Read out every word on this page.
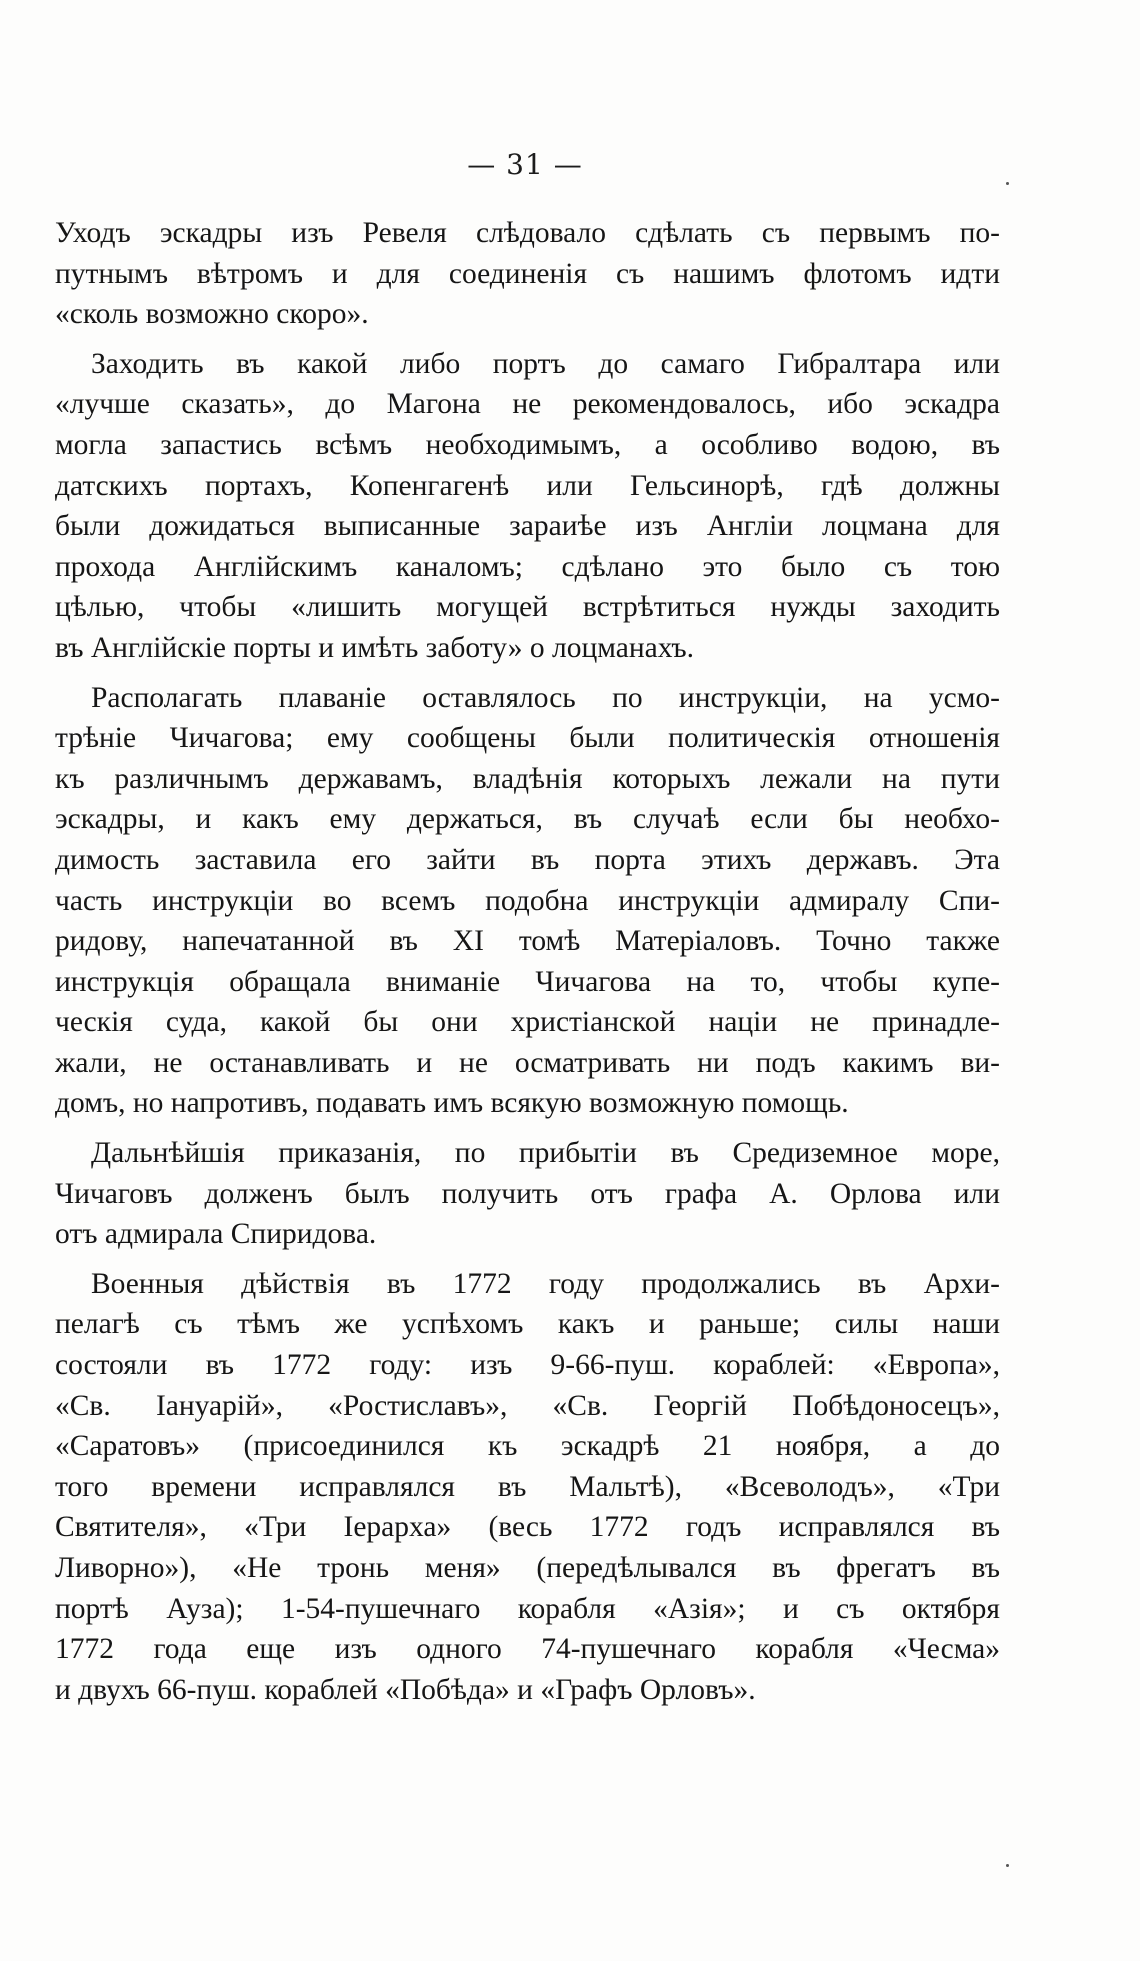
— 31 —

Уходъ эскадры изъ Ревеля слѣдовало сдѣлать съ первымъ по-
путнымъ вѣтромъ и для соединенія съ нашимъ флотомъ идти
«сколь возможно скоро».

Заходить въ какой либо портъ до самаго Гибралтара или
«лучше сказать», до Магона не рекомендовалось, ибо эскадра
могла запастись всѣмъ необходимымъ, а особливо водою, въ
датскихъ портахъ, Копенгагенѣ или Гельсинорѣ, гдѣ должны
были дожидаться выписанные зараиѣе изъ Англіи лоцмана для
прохода Англійскимъ каналомъ; сдѣлано это было съ тою
цѣлью, чтобы «лишить могущей встрѣтиться нужды заходить
въ Англійскіе порты и имѣть заботу» о лоцманахъ.

Располагать плаваніе оставлялось по инструкціи, на усмо-
трѣніе Чичагова; ему сообщены были политическія отношенія
къ различнымъ державамъ, владѣнія которыхъ лежали на пути
эскадры, и какъ ему держаться, въ случаѣ если бы необхо-
димость заставила его зайти въ порта этихъ державъ. Эта
часть инструкціи во всемъ подобна инструкціи адмиралу Спи-
ридову, напечатанной въ XI томѣ Матеріаловъ. Точно также
инструкція обращала вниманіе Чичагова на то, чтобы купе-
ческія суда, какой бы они христіанской націи не принадле-
жали, не останавливать и не осматривать ни подъ какимъ ви-
домъ, но напротивъ, подавать имъ всякую возможную помощь.

Дальнѣйшія приказанія, по прибытіи въ Средиземное море,
Чичаговъ долженъ былъ получить отъ графа А. Орлова или
отъ адмирала Спиридова.

Военныя дѣйствія въ 1772 году продолжались въ Архи-
пелагѣ съ тѣмъ же успѣхомъ какъ и раньше; силы наши
состояли въ 1772 году: изъ 9-66-пуш. кораблей: «Европа»,
«Св. Іануарій», «Ростиславъ», «Св. Георгій Побѣдоносецъ»,
«Саратовъ» (присоединился къ эскадрѣ 21 ноября, а до
того времени исправлялся въ Мальтѣ), «Всеволодъ», «Три
Святителя», «Три Іерарха» (весь 1772 годъ исправлялся въ
Ливорно»), «Не тронь меня» (передѣлывался въ фрегатъ въ
портѣ Ауза); 1-54-пушечнаго корабля «Азія»; и съ октября
1772 года еще изъ одного 74-пушечнаго корабля «Чесма»
и двухъ 66-пуш. кораблей «Побѣда» и «Графъ Орловъ».
